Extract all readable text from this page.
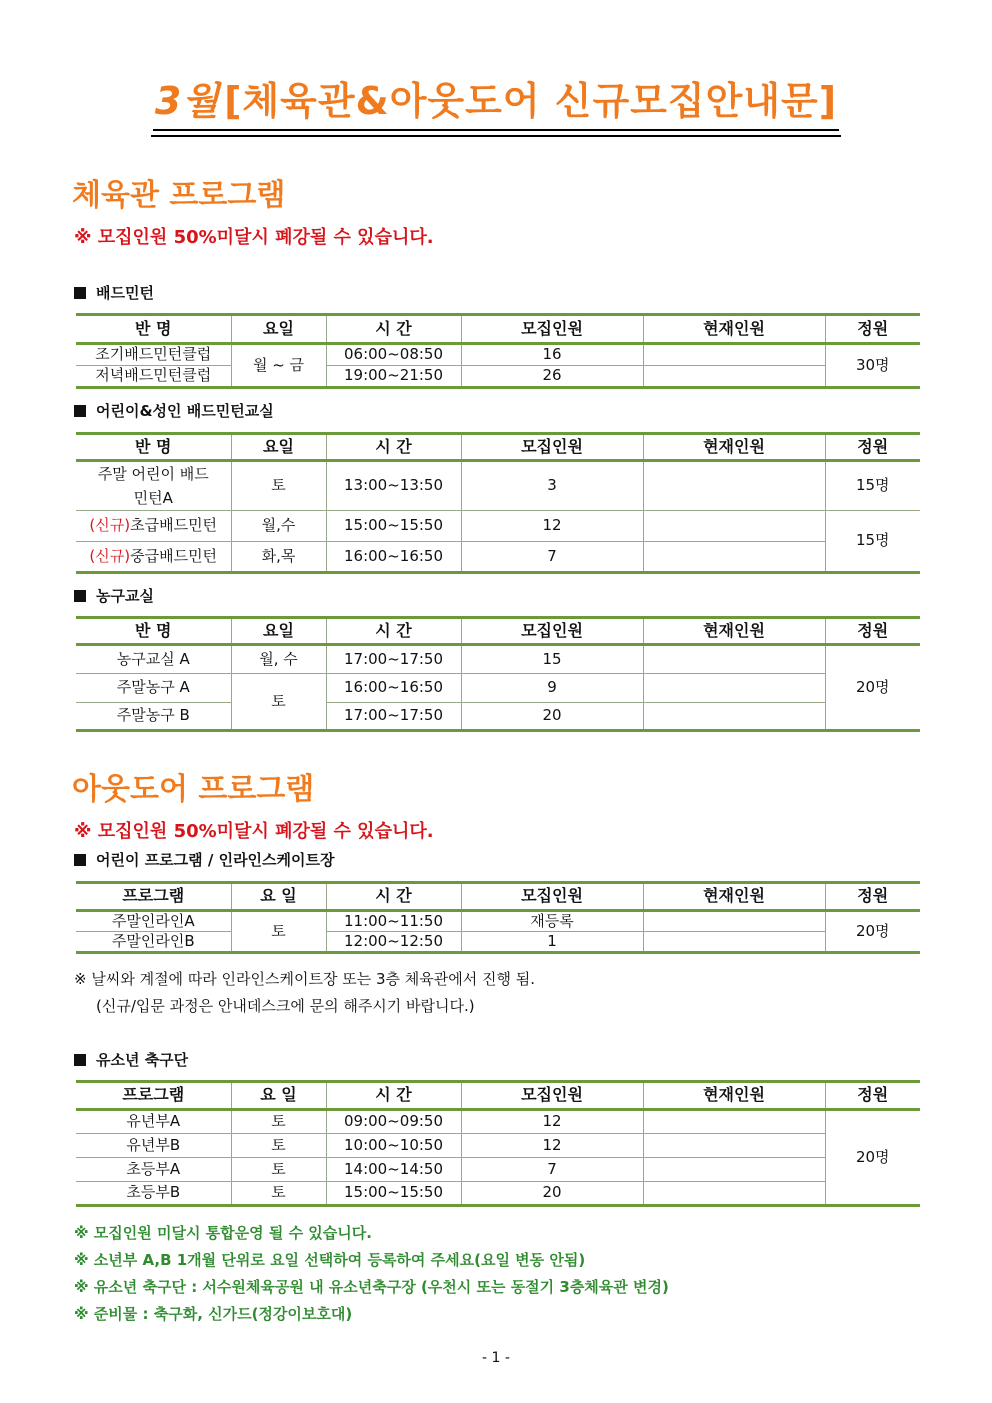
3월[체육관&아웃도어 신규모집안내문]
체육관 프로그램
※ 모집인원 50%미달시 폐강될 수 있습니다.
배드민턴
반 명	요일	시 간	모집인원	현재인원	정원
조기배드민턴클럽	월 ~ 금	06:00~08:50	16		30명
저녁배드민턴클럽		19:00~21:50	26		
어린이&성인 배드민턴교실
반 명	요일	시 간	모집인원	현재인원	정원
주말 어린이 배드민턴A	토	13:00~13:50	3		15명
(신규)초급배드민턴	월,수	15:00~15:50	12		15명
(신규)중급배드민턴	화,목	16:00~16:50	7		
농구교실
반 명	요일	시 간	모집인원	현재인원	정원
농구교실 A	월, 수	17:00~17:50	15		20명
주말농구 A	토	16:00~16:50	9		
주말농구 B		17:00~17:50	20		
아웃도어 프로그램
※ 모집인원 50%미달시 폐강될 수 있습니다.
어린이 프로그램 / 인라인스케이트장
프로그램	요 일	시 간	모집인원	현재인원	정원
주말인라인A	토	11:00~11:50	재등록		20명
주말인라인B		12:00~12:50	1		
※ 날씨와 계절에 따라 인라인스케이트장 또는 3층 체육관에서 진행 됨.
(신규/입문 과정은 안내데스크에 문의 해주시기 바랍니다.)
유소년 축구단
프로그램	요 일	시 간	모집인원	현재인원	정원
유년부A	토	09:00~09:50	12		20명
유년부B	토	10:00~10:50	12		
초등부A	토	14:00~14:50	7		
초등부B	토	15:00~15:50	20		
※ 모집인원 미달시 통합운영 될 수 있습니다.
※ 소년부 A,B 1개월 단위로 요일 선택하여 등록하여 주세요(요일 변동 안됨)
※ 유소년 축구단 : 서수원체육공원 내 유소년축구장 (우천시 또는 동절기 3층체육관 변경)
※ 준비물 : 축구화, 신가드(정강이보호대)
- 1 -
